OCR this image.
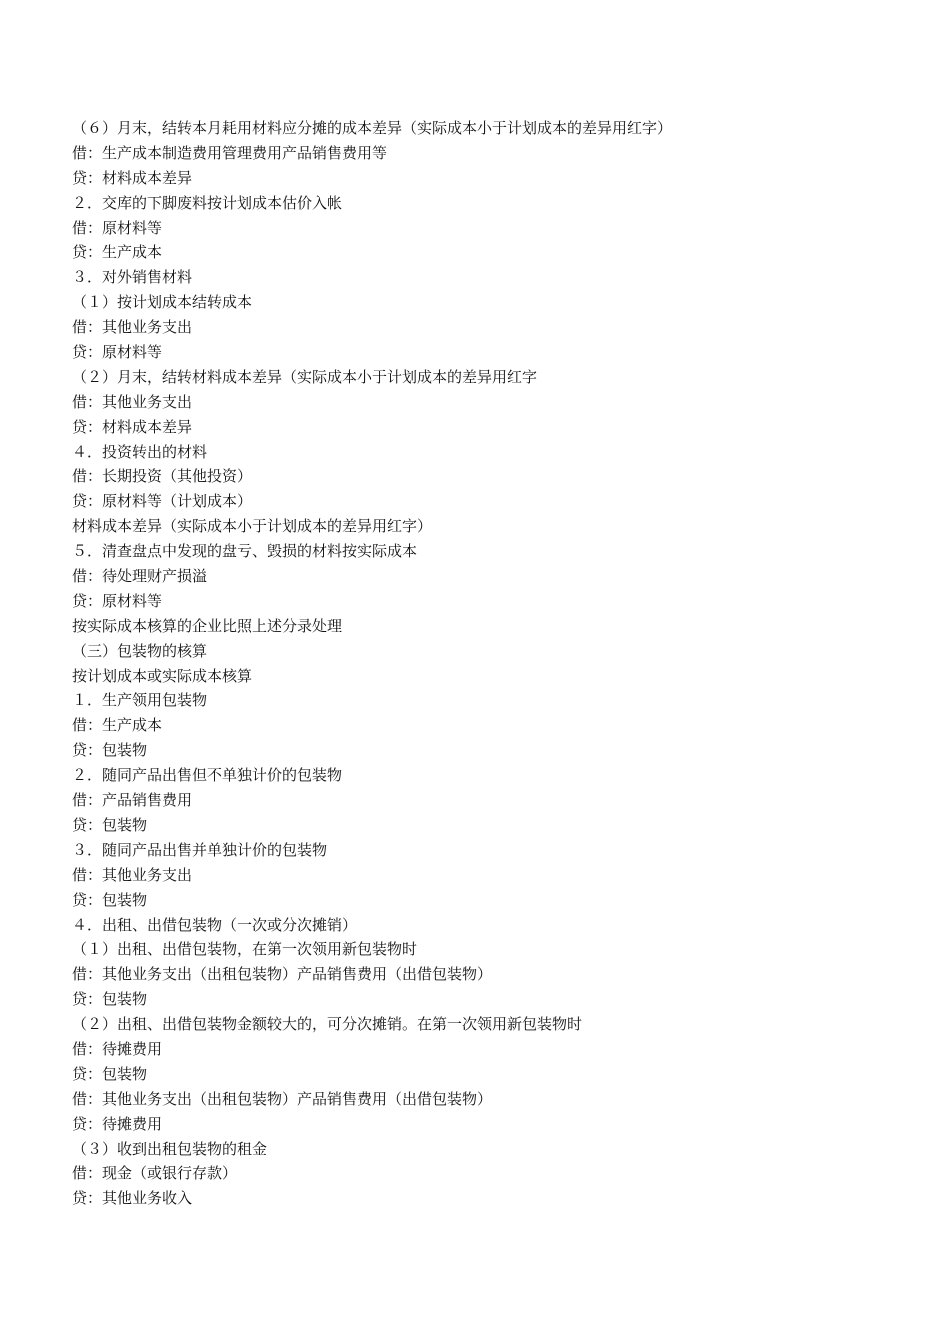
（６）月末，结转本月耗用材料应分摊的成本差异（实际成本小于计划成本的差异用红字）
借：生产成本制造费用管理费用产品销售费用等
贷：材料成本差异
２．交库的下脚废料按计划成本估价入帐
借：原材料等
贷：生产成本
３．对外销售材料
（１）按计划成本结转成本
借：其他业务支出
贷：原材料等
（２）月末，结转材料成本差异（实际成本小于计划成本的差异用红字
借：其他业务支出
贷：材料成本差异
４．投资转出的材料
借：长期投资（其他投资）
贷：原材料等（计划成本）
材料成本差异（实际成本小于计划成本的差异用红字）
５．清查盘点中发现的盘亏、毁损的材料按实际成本
借：待处理财产损溢
贷：原材料等
按实际成本核算的企业比照上述分录处理
（三）包装物的核算
按计划成本或实际成本核算
１．生产领用包装物
借：生产成本
贷：包装物
２．随同产品出售但不单独计价的包装物
借：产品销售费用
贷：包装物
３．随同产品出售并单独计价的包装物
借：其他业务支出
贷：包装物
４．出租、出借包装物（一次或分次摊销）
（１）出租、出借包装物，在第一次领用新包装物时
借：其他业务支出（出租包装物）产品销售费用（出借包装物）
贷：包装物
（２）出租、出借包装物金额较大的，可分次摊销。在第一次领用新包装物时
借：待摊费用
贷：包装物
借：其他业务支出（出租包装物）产品销售费用（出借包装物）
贷：待摊费用
（３）收到出租包装物的租金
借：现金（或银行存款）
贷：其他业务收入
